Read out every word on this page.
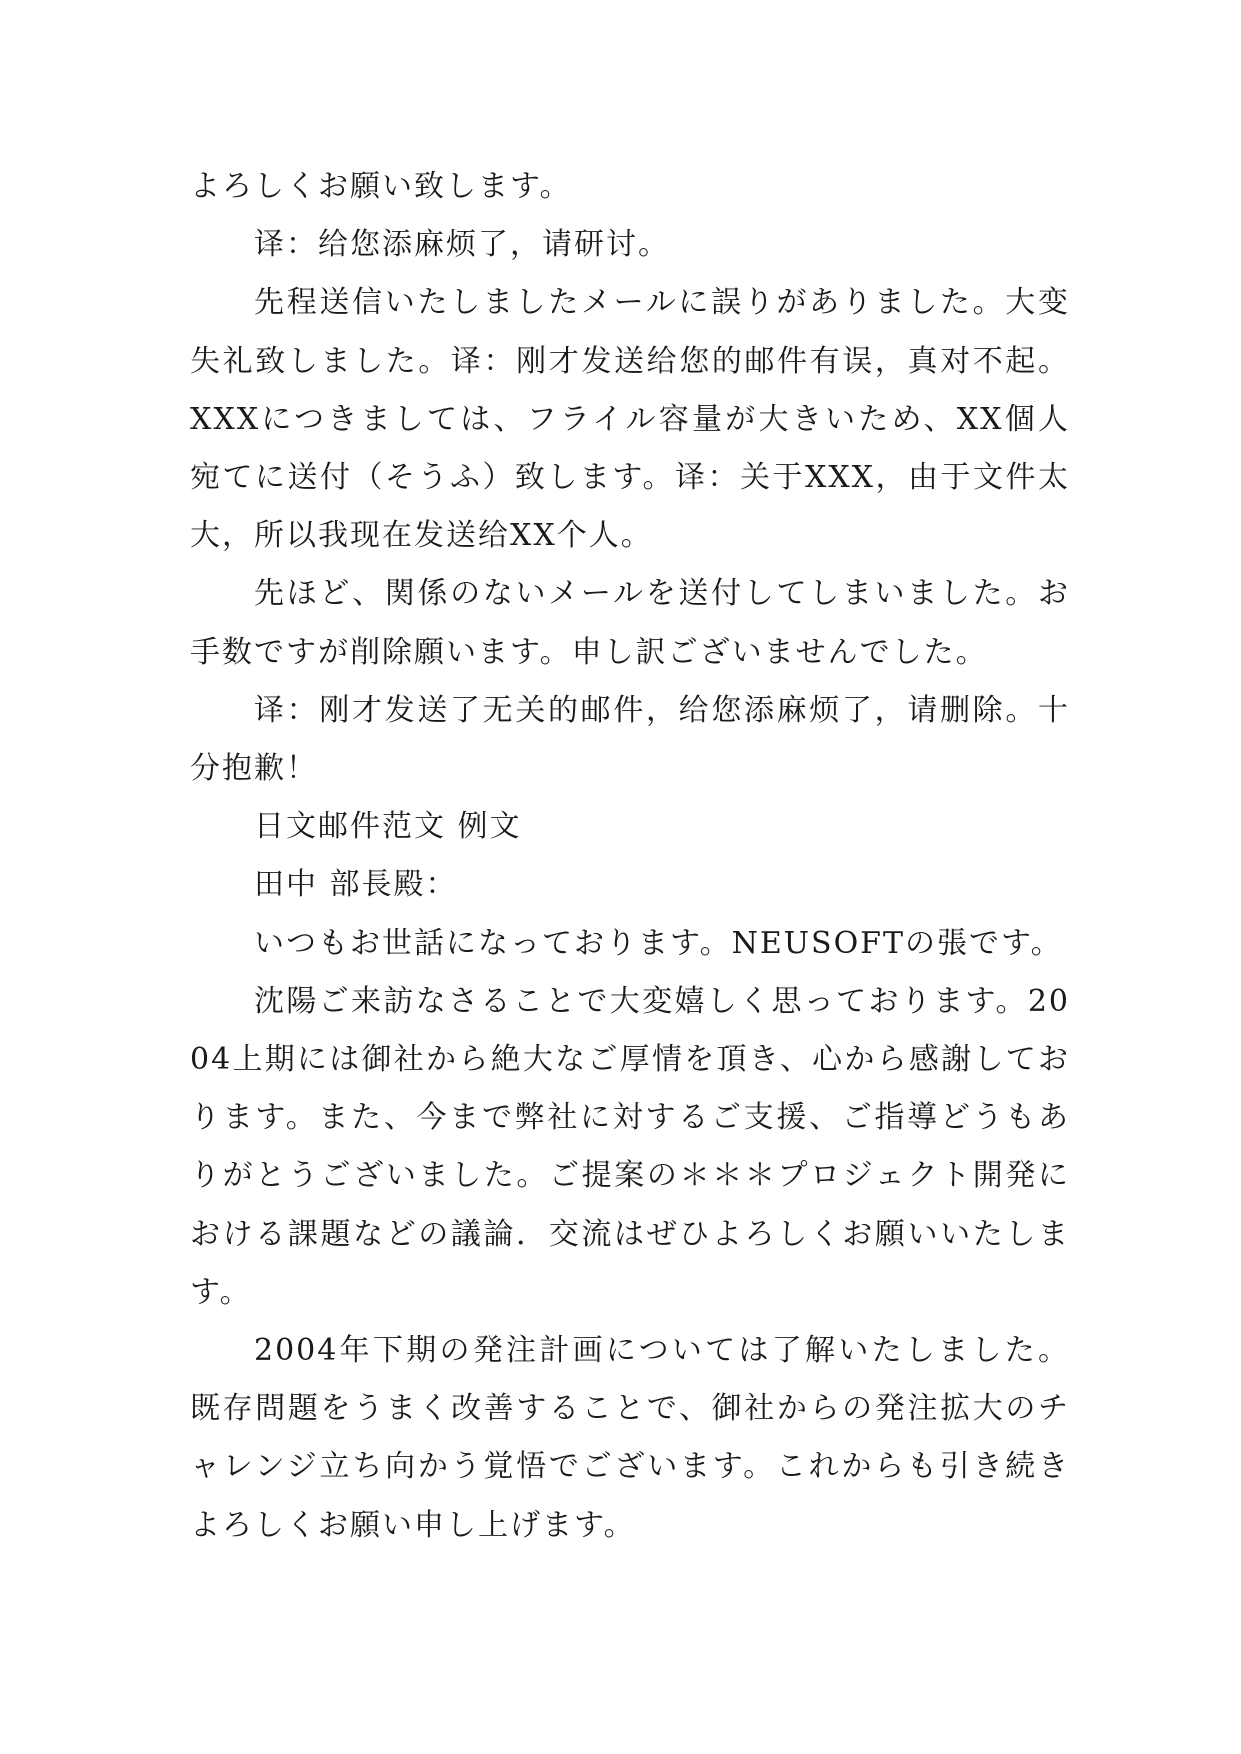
よろしくお願い致します。

译：给您添麻烦了，请研讨。

先程送信いたしましたメールに誤りがありました。大变失礼致しました。译：刚才发送给您的邮件有误，真对不起。XXXにつきましては、フライル容量が大きいため、XX個人宛てに送付（そうふ）致します。译：关于XXX，由于文件太大，所以我现在发送给XX个人。

先ほど、関係のないメールを送付してしまいました。お手数ですが削除願います。申し訳ございませんでした。

译：刚才发送了无关的邮件，给您添麻烦了，请删除。十分抱歉！

日文邮件范文 例文

田中 部長殿：

いつもお世話になっております。NEUSOFTの張です。

沈陽ご来訪なさることで大変嬉しく思っております。2004上期には御社から絶大なご厚情を頂き、心から感謝しております。また、今まで弊社に対するご支援、ご指導どうもありがとうございました。ご提案の＊＊＊プロジェクト開発における課題などの議論．交流はぜひよろしくお願いいたします。

2004年下期の発注計画については了解いたしました。既存問題をうまく改善することで、御社からの発注拡大のチャレンジ立ち向かう覚悟でございます。これからも引き続きよろしくお願い申し上げます。
